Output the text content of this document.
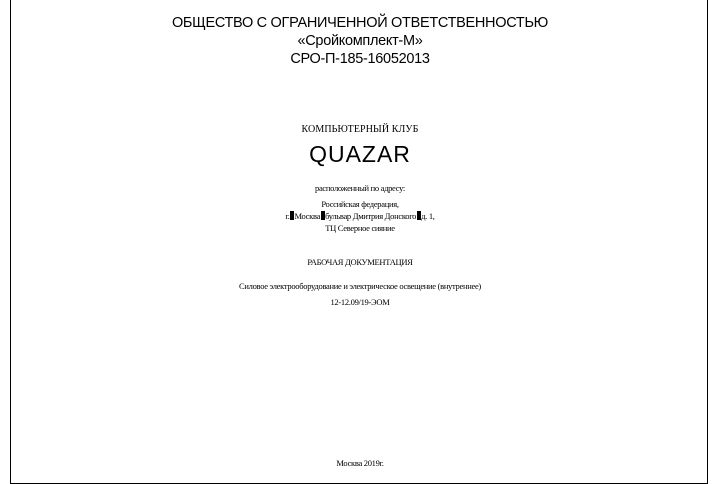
ОБЩЕСТВО С ОГРАНИЧЕННОЙ ОТВЕТСТВЕННОСТЬЮ
«Сройкомплект-М»
СРО-П-185-16052013
КОМПЬЮТЕРНЫЙ КЛУБ
QUAZAR
расположенный по адресу:
Российская федерация,
г. Москва бульвар Дмитрия Донского д. 1,
ТЦ Северное сияние
РАБОЧАЯ ДОКУМЕНТАЦИЯ
Силовое электрооборудование и электрическое освещение (внутреннее)
12-12.09/19-ЭОМ
Москва 2019г.
